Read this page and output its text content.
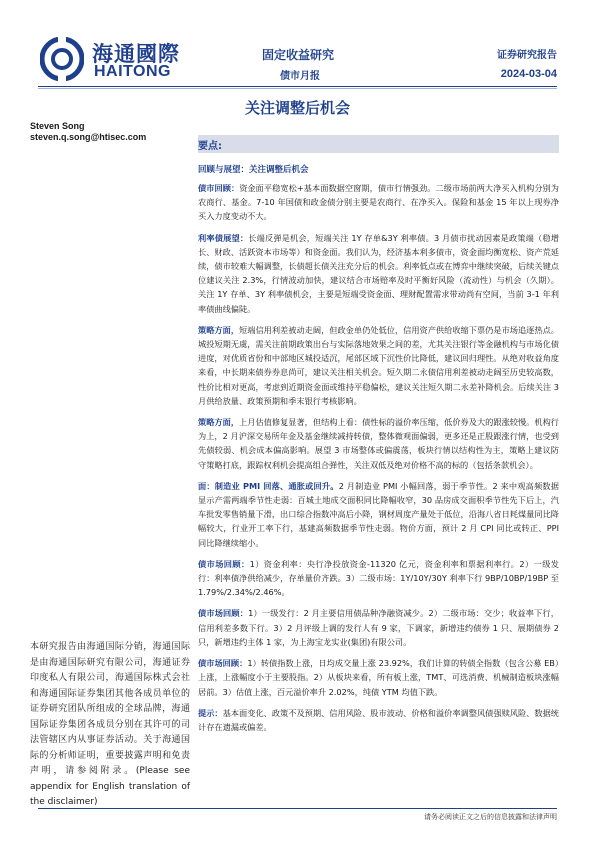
海通國際
HAITONG
固定收益研究
债市月报
证券研究报告
2024-03-04
关注调整后机会
Steven Song
steven.q.song@htisec.com
要点:
回顾与展望：关注调整后机会

债市回顾：资金面平稳宽松+基本面数据空窗期，债市行情强劲。二级市场前两大净买入机构分别为农商行、基金。7-10 年国债和政金债分别主要是农商行、在净买入。保险和基金 15 年以上现券净买入力度变动不大。

利率债展望：长端反弹是机会，短端关注 1Y 存单&3Y 利率债。3 月债市扰动因素是政策端（稳增长、财政、活跃资本市场等）和资金面。我们认为，经济基本利多债市，资金面均衡宽松、资产荒延续，债市较难大幅调整，长债超长债关注充分后的机会。利率低点或在博弈中继续突破，后续关键点位建议关注 2.3%，行情波动加快，建议结合市场赔率及时平衡好风险（流动性）与机会（久期）。关注 1Y 存单、3Y 利率债机会，主要是短端受资金面、理财配置需求带动尚有空间，当前 3-1 年利率债曲线偏陡。

策略方面，短端信用利差被动走阔，但政金单仍处低位，信用资产供给收缩下票仍是市场追逐热点。城投短期无虞，需关注前期政策出台与实际落地效果之间的差，尤其关注银行等金融机构与市场化债进度，对优质省份和中部地区城投适沉，尾部区域下沉性价比降低，建议回归理性。从绝对收益角度来看，中长期来债券券息尚可，建议关注相关机会。短久期二永债信用利差被动走阔至历史较高数，性价比相对更高，考虑到近期资金面或维持平稳偏松，建议关注短久期二永差补降机会。后续关注 3 月供给放量、政策预期和季末银行考核影响。

策略方面，上月估值修复显著，但结构上看：债性标的溢价率压缩，低价券及大的跟涨较慢。机构行为上，2 月沪深交易所年金及基金继续减持转债，整体微观面偏弱，更多还是正股跟涨行情，也受到先债较弱、机会成本偏高影响。展望 3 市场整体或偏震荡，板块行情以结构性为主，策略上建议防守策略打底，跟踪权利机会提高组合弹性，关注双低及绝对价格不高的标的（包括条款机会）。

面：制造业 PMI 回落、通胀或回升。2 月制造业 PMI 小幅回落，弱于季节性。2 来中观高频数据显示产需两端季节性走弱：百城土地成交面积同比降幅收窄，30 品房成交面积季节性先下后上，汽车批发零售销量下滑，出口综合指数冲高后小降，钢材周度产量处于低位，沿海八省日耗煤量同比降幅较大，行业开工率下行，基建高频数据季节性走弱。物价方面，预计 2 月 CPI 同比或转正、PPI 同比降继续缩小。

债市场回顾：1）资金利率：央行净投放资金-11320 亿元，资金利率和票据利率行。2）一级发行：利率债净供给减少，存单量价齐跌。3）二级市场：1Y/10Y/30Y 利率下行 9BP/10BP/19BP 至 1.79%/2.34%/2.46%。

债市场回顾：1）一级发行：2 月主要信用债品种净融资减少。2）二级市场：交少；收益率下行，信用利差多数下行。3）2 月评级上调的发行人有 9 家，下调家，新增违约债券 1 只、展期债券 2 只，新增违约主体 1 家，为上海宝龙实业(集团)有限公司。

债市场回顾：1）转债指数上涨，日均成交量上涨 23.92%，我们计算的转债全指数（包含公募 EB）上涨，上涨幅度小于主要股指。2）从板块来看，所有板上涨，TMT、可选消费、机械制造板块涨幅居前。3）估值上涨，百元溢价率升 2.02%，纯债 YTM 均值下跌。

提示：基本面变化、政策不及预期、信用风险、股市波动、价格和溢价率调整风债强赎风险、数据统计存在遗漏或偏差。

本研究报告由海通国际分销，海通国际是由海通国际研究有限公司，海通证券印度私人有限公司，海通国际株式会社和海通国际证券集团其他各成员单位的证券研究团队所组成的全球品牌，海通国际证券集团各成员分别在其许可的司法管辖区内从事证券活动。关于海通国际的分析师证明，重要披露声明和免责声明，请参阅附录。(Please see appendix for English translation of the disclaimer)
请务必阅读正文之后的信息披露和法律声明
